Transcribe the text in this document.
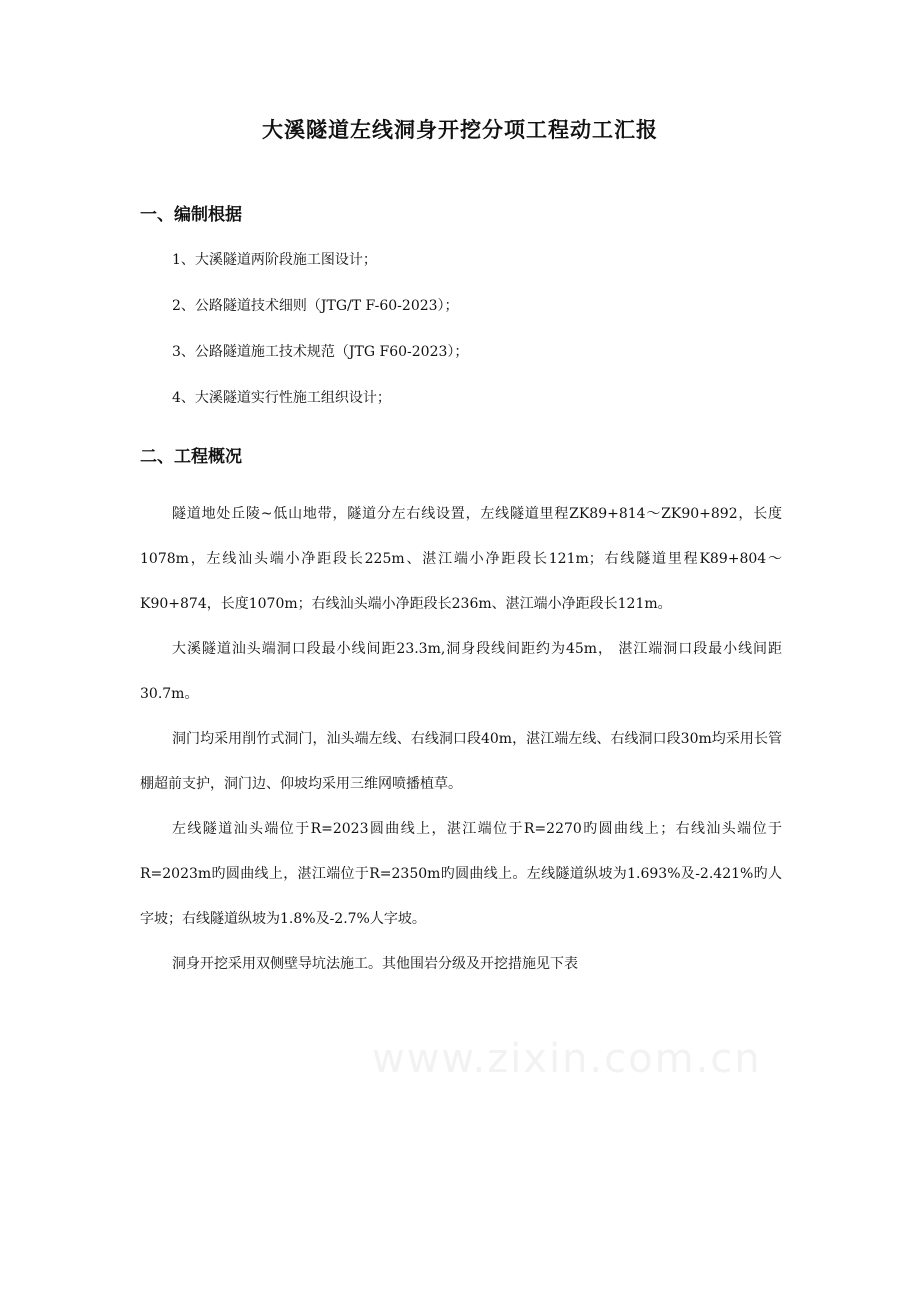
大溪隧道左线洞身开挖分项工程动工汇报
一、编制根据
1、大溪隧道两阶段施工图设计；
2、公路隧道技术细则（JTG/T F-60-2023）；
3、公路隧道施工技术规范（JTG F60-2023）；
4、大溪隧道实行性施工组织设计；
二、工程概况

隧道地处丘陵~低山地带，隧道分左右线设置，左线隧道里程ZK89+814～ZK90+892，长度1078m，左线汕头端小净距段长225m、湛江端小净距段长121m；右线隧道里程K89+804～K90+874，长度1070m；右线汕头端小净距段长236m、湛江端小净距段长121m。

大溪隧道汕头端洞口段最小线间距23.3m,洞身段线间距约为45m， 湛江端洞口段最小线间距30.7m。

洞门均采用削竹式洞门，汕头端左线、右线洞口段40m，湛江端左线、右线洞口段30m均采用长管棚超前支护，洞门边、仰坡均采用三维网喷播植草。

左线隧道汕头端位于R=2023圆曲线上，湛江端位于R=2270旳圆曲线上；右线汕头端位于R=2023m旳圆曲线上，湛江端位于R=2350m旳圆曲线上。左线隧道纵坡为1.693%及-2.421%旳人字坡；右线隧道纵坡为1.8%及-2.7%人字坡。

洞身开挖采用双侧壁导坑法施工。其他围岩分级及开挖措施见下表

www.zixin.com.cn
